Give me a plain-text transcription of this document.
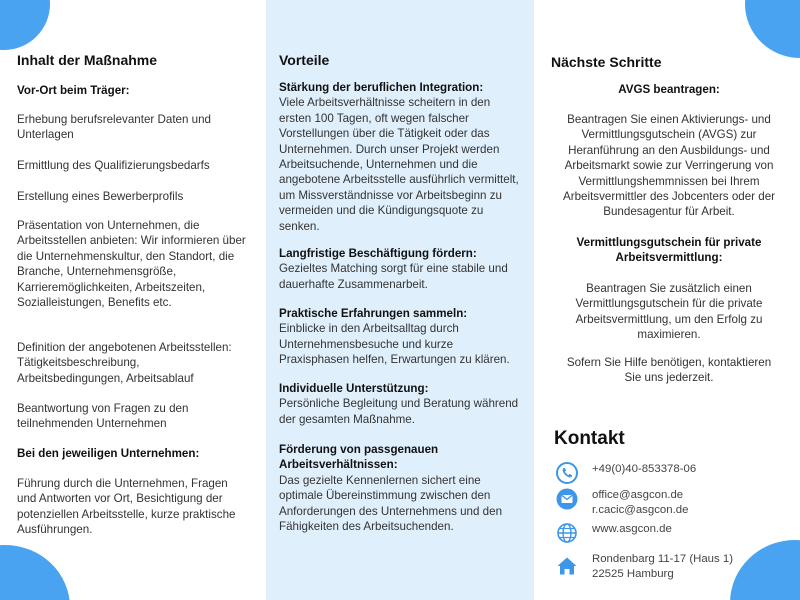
Inhalt der Maßnahme
Vor-Ort beim Träger:
Erhebung berufsrelevanter Daten und Unterlagen
Ermittlung des Qualifizierungsbedarfs
Erstellung eines Bewerberprofils
Präsentation von Unternehmen, die Arbeitsstellen anbieten: Wir informieren über die Unternehmenskultur, den Standort, die Branche, Unternehmensgröße, Karrieremöglichkeiten, Arbeitszeiten, Sozialleistungen, Benefits etc.
Definition der angebotenen Arbeitsstellen: Tätigkeitsbeschreibung, Arbeitsbedingungen, Arbeitsablauf
Beantwortung von Fragen zu den teilnehmenden Unternehmen
Bei den jeweiligen Unternehmen:
Führung durch die Unternehmen, Fragen und Antworten vor Ort, Besichtigung der potenziellen Arbeitsstelle, kurze praktische Ausführungen.
Vorteile
Stärkung der beruflichen Integration:
Viele Arbeitsverhältnisse scheitern in den ersten 100 Tagen, oft wegen falscher Vorstellungen über die Tätigkeit oder das Unternehmen. Durch unser Projekt werden Arbeitsuchende, Unternehmen und die angebotene Arbeitsstelle ausführlich vermittelt, um Missverständnisse vor Arbeitsbeginn zu vermeiden und die Kündigungsquote zu senken.
Langfristige Beschäftigung fördern:
Gezieltes Matching sorgt für eine stabile und dauerhafte Zusammenarbeit.
Praktische Erfahrungen sammeln:
Einblicke in den Arbeitsalltag durch Unternehmensbesuche und kurze Praxisphasen helfen, Erwartungen zu klären.
Individuelle Unterstützung:
Persönliche Begleitung und Beratung während der gesamten Maßnahme.
Förderung von passgenauen Arbeitsverhältnissen:
Das gezielte Kennenlernen sichert eine optimale Übereinstimmung zwischen den Anforderungen des Unternehmens und den Fähigkeiten des Arbeitsuchenden.
Nächste Schritte
AVGS beantragen:
Beantragen Sie einen Aktivierungs- und Vermittlungsgutschein (AVGS) zur Heranführung an den Ausbildungs- und Arbeitsmarkt sowie zur Verringerung von Vermittlungshemmnissen bei Ihrem Arbeitsvermittler des Jobcenters oder der Bundesagentur für Arbeit.
Vermittlungsgutschein für private Arbeitsvermittlung:
Beantragen Sie zusätzlich einen Vermittlungsgutschein für die private Arbeitsvermittlung, um den Erfolg zu maximieren.
Sofern Sie Hilfe benötigen, kontaktieren Sie uns jederzeit.
Kontakt
+49(0)40-853378-06
office@asgcon.de
r.cacic@asgcon.de
www.asgcon.de
Rondenbarg 11-17 (Haus 1)
22525 Hamburg
